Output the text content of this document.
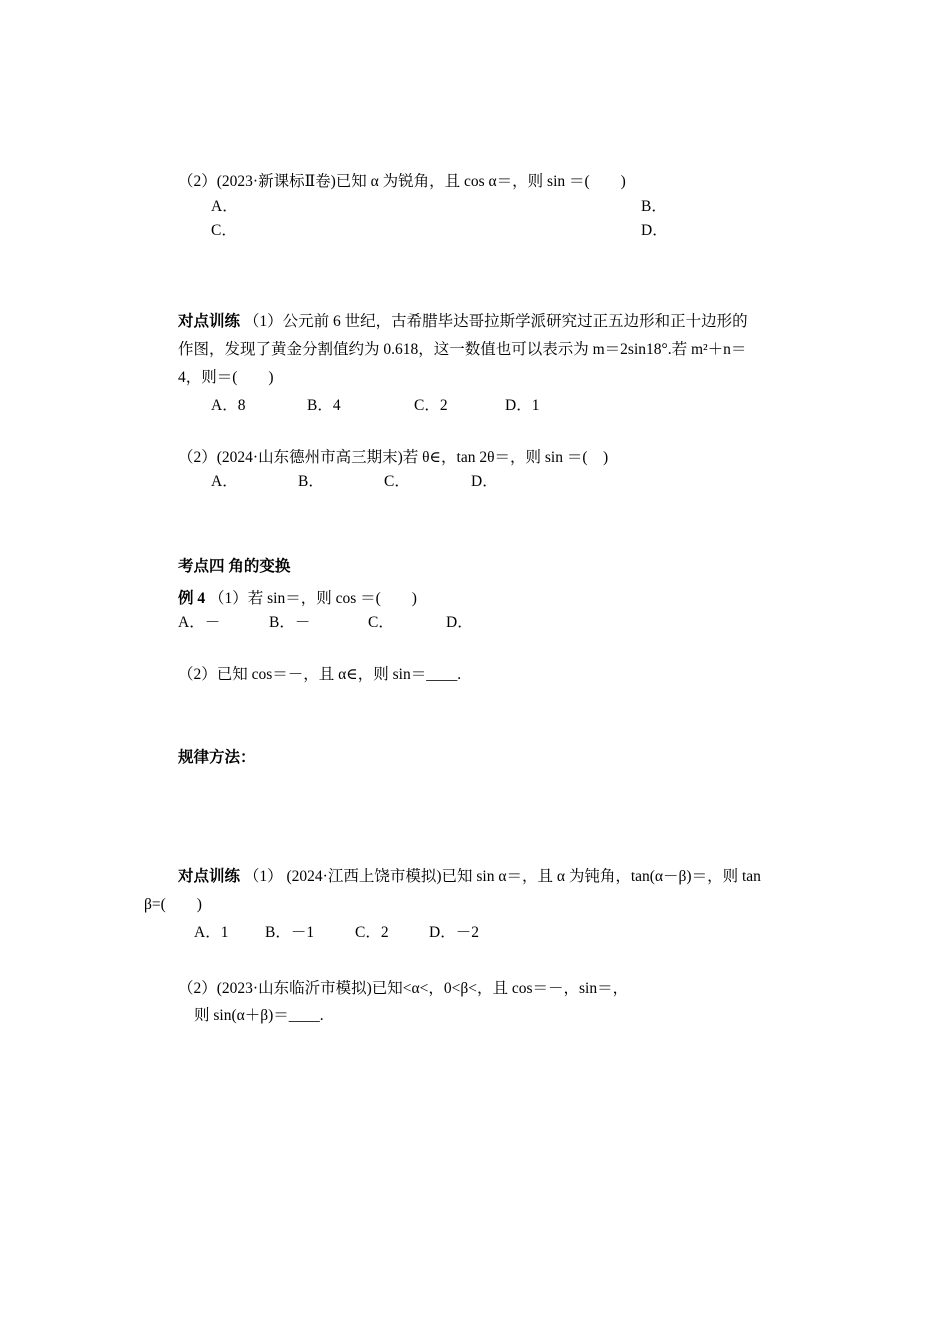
（2）(2023·新课标Ⅱ卷)已知 α 为锐角，且 cos α＝，则 sin ＝(　　)
A．	B．
C．	D．
对点训练 （1）公元前 6 世纪，古希腊毕达哥拉斯学派研究过正五边形和正十边形的
作图，发现了黄金分割值约为 0.618，这一数值也可以表示为 m＝2sin18°.若 m²＋n＝
4，则＝(　　)
A．8	B．4	C．2	D．1
（2）(2024·山东德州市高三期末)若 θ∈，tan 2θ＝，则 sin ＝(　)
A．	B．	C．	D．
考点四 角的变换
例 4 （1）若 sin＝，则 cos ＝(　　)
A．－	B．－	C．	D．
（2）已知 cos＝－，且 α∈，则 sin＝____.
规律方法：
对点训练 （1） (2024·江西上饶市模拟)已知 sin α＝，且 α 为钝角，tan(α－β)＝，则 tan
β=(　　)
A．1 B．－1	C．2	D．－2
（2）(2023·山东临沂市模拟)已知<α<，0<β<，且 cos＝－，sin＝，
则 sin(α＋β)＝____.
